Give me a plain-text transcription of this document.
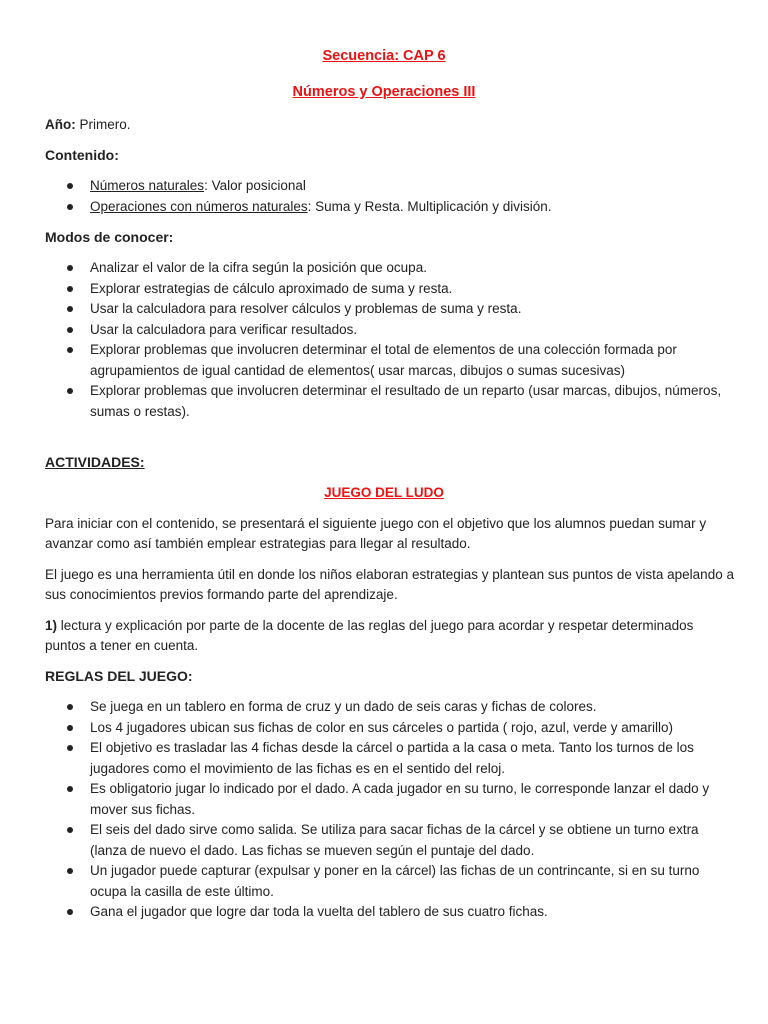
Secuencia: CAP 6
Números y Operaciones III
Año: Primero.
Contenido:
Números naturales: Valor posicional
Operaciones con números naturales: Suma y Resta. Multiplicación y división.
Modos de conocer:
Analizar el valor de la cifra según la posición que ocupa.
Explorar estrategias de cálculo aproximado de suma y resta.
Usar la calculadora para resolver cálculos y problemas de suma y resta.
Usar la calculadora para verificar resultados.
Explorar problemas que involucren determinar el total de elementos de una colección formada por agrupamientos de igual cantidad de elementos( usar marcas, dibujos o sumas sucesivas)
Explorar problemas que involucren determinar el resultado de un reparto (usar marcas, dibujos, números, sumas o restas).
ACTIVIDADES:
JUEGO DEL LUDO
Para iniciar con el contenido, se presentará el siguiente juego con el objetivo que los alumnos puedan sumar y avanzar como así también emplear estrategias para llegar al resultado.
El juego es una herramienta útil en donde los niños elaboran estrategias y plantean sus puntos de vista apelando a sus conocimientos previos formando parte del aprendizaje.
1) lectura y explicación por parte de la docente de las reglas del juego para acordar y respetar determinados puntos a tener en cuenta.
REGLAS DEL JUEGO:
Se juega en un tablero en forma de cruz y un dado de seis caras y fichas de colores.
Los 4 jugadores ubican sus fichas de color en sus cárceles o partida ( rojo, azul, verde y amarillo)
El objetivo es trasladar las 4 fichas desde la cárcel o partida a la casa o meta. Tanto los turnos de los jugadores como el movimiento de las fichas es en el sentido del reloj.
Es obligatorio jugar lo indicado por el dado. A cada jugador en su turno, le corresponde lanzar el dado y mover sus fichas.
El seis del dado sirve como salida. Se utiliza para sacar fichas de la cárcel y se obtiene un turno extra (lanza de nuevo el dado. Las fichas se mueven según el puntaje del dado.
Un jugador puede capturar (expulsar y poner en la cárcel) las fichas de un contrincante, si en su turno ocupa la casilla de este último.
Gana el jugador que logre dar toda la vuelta del tablero de sus cuatro fichas.
